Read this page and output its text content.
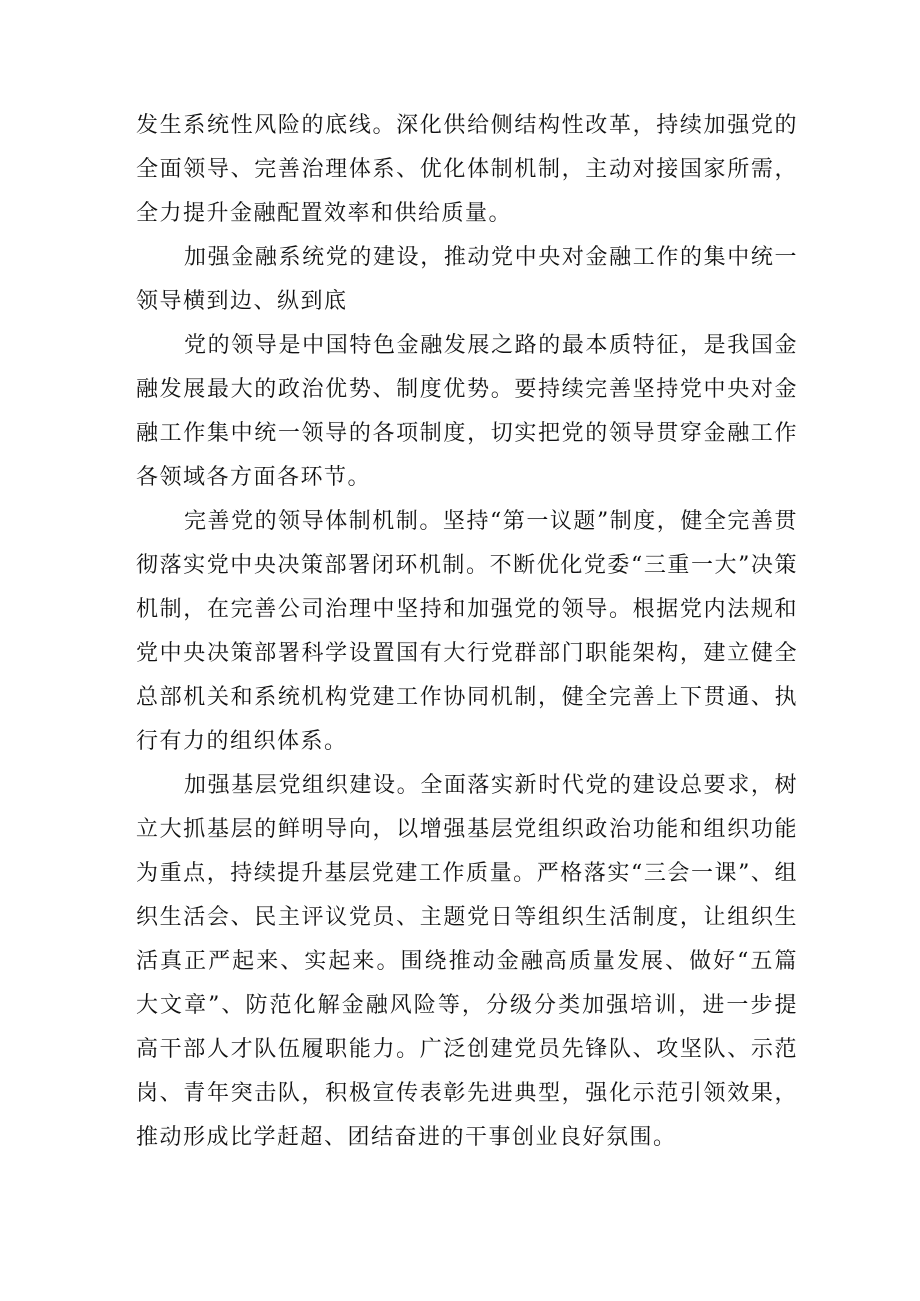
发生系统性风险的底线。深化供给侧结构性改革，持续加强党的全面领导、完善治理体系、优化体制机制，主动对接国家所需，全力提升金融配置效率和供给质量。

加强金融系统党的建设，推动党中央对金融工作的集中统一领导横到边、纵到底

党的领导是中国特色金融发展之路的最本质特征，是我国金融发展最大的政治优势、制度优势。要持续完善坚持党中央对金融工作集中统一领导的各项制度，切实把党的领导贯穿金融工作各领域各方面各环节。

完善党的领导体制机制。坚持“第一议题”制度，健全完善贯彻落实党中央决策部署闭环机制。不断优化党委“三重一大”决策机制，在完善公司治理中坚持和加强党的领导。根据党内法规和党中央决策部署科学设置国有大行党群部门职能架构，建立健全总部机关和系统机构党建工作协同机制，健全完善上下贯通、执行有力的组织体系。

加强基层党组织建设。全面落实新时代党的建设总要求，树立大抓基层的鲜明导向，以增强基层党组织政治功能和组织功能为重点，持续提升基层党建工作质量。严格落实“三会一课”、组织生活会、民主评议党员、主题党日等组织生活制度，让组织生活真正严起来、实起来。围绕推动金融高质量发展、做好“五篇大文章”、防范化解金融风险等，分级分类加强培训，进一步提高干部人才队伍履职能力。广泛创建党员先锋队、攻坚队、示范岗、青年突击队，积极宣传表彰先进典型，强化示范引领效果，推动形成比学赶超、团结奋进的干事创业良好氛围。
